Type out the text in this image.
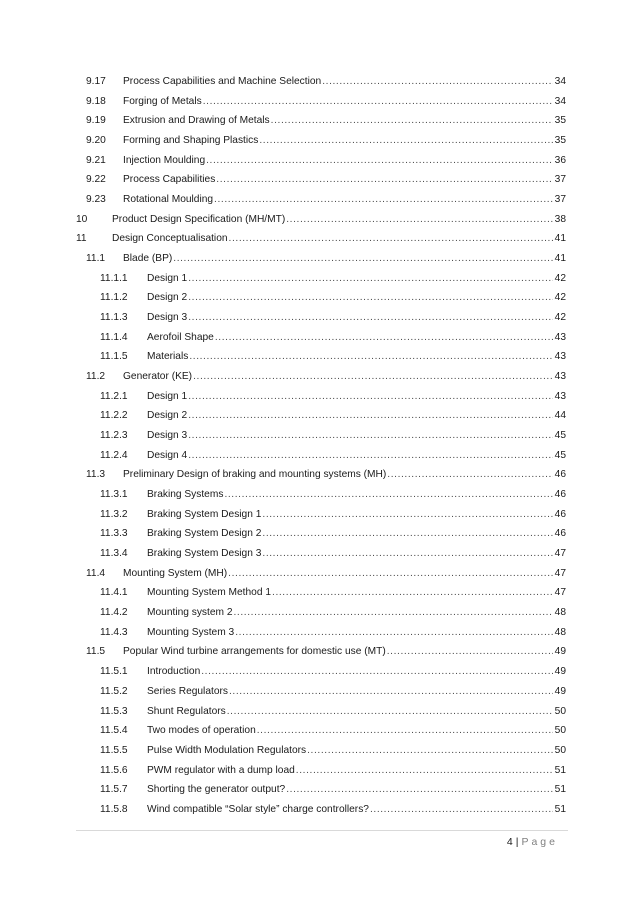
9.17 Process Capabilities and Machine Selection .....	34
9.18 Forging of Metals .....	34
9.19 Extrusion and Drawing of Metals .....	35
9.20 Forming and Shaping Plastics .....	35
9.21 Injection Moulding .....	36
9.22 Process Capabilities .....	37
9.23 Rotational Moulding .....	37
10 Product Design Specification (MH/MT) .....	38
11 Design Conceptualisation .....	41
11.1 Blade (BP) .....	41
11.1.1 Design 1 .....	42
11.1.2 Design 2 .....	42
11.1.3 Design 3 .....	42
11.1.4 Aerofoil Shape .....	43
11.1.5 Materials .....	43
11.2 Generator (KE) .....	43
11.2.1 Design 1 .....	43
11.2.2 Design 2 .....	44
11.2.3 Design 3 .....	45
11.2.4 Design 4 .....	45
11.3 Preliminary Design of braking and mounting systems (MH) .....	46
11.3.1 Braking Systems .....	46
11.3.2 Braking System Design 1 .....	46
11.3.3 Braking System Design 2 .....	46
11.3.4 Braking System Design 3 .....	47
11.4 Mounting System (MH) .....	47
11.4.1 Mounting System Method 1 .....	47
11.4.2 Mounting system 2 .....	48
11.4.3 Mounting System 3 .....	48
11.5 Popular Wind turbine arrangements for domestic use (MT) .....	49
11.5.1 Introduction .....	49
11.5.2 Series Regulators .....	49
11.5.3 Shunt Regulators .....	50
11.5.4 Two modes of operation .....	50
11.5.5 Pulse Width Modulation Regulators .....	50
11.5.6 PWM regulator with a dump load .....	51
11.5.7 Shorting the generator output? .....	51
11.5.8 Wind compatible “Solar style” charge controllers? .....	51
4 | Page
